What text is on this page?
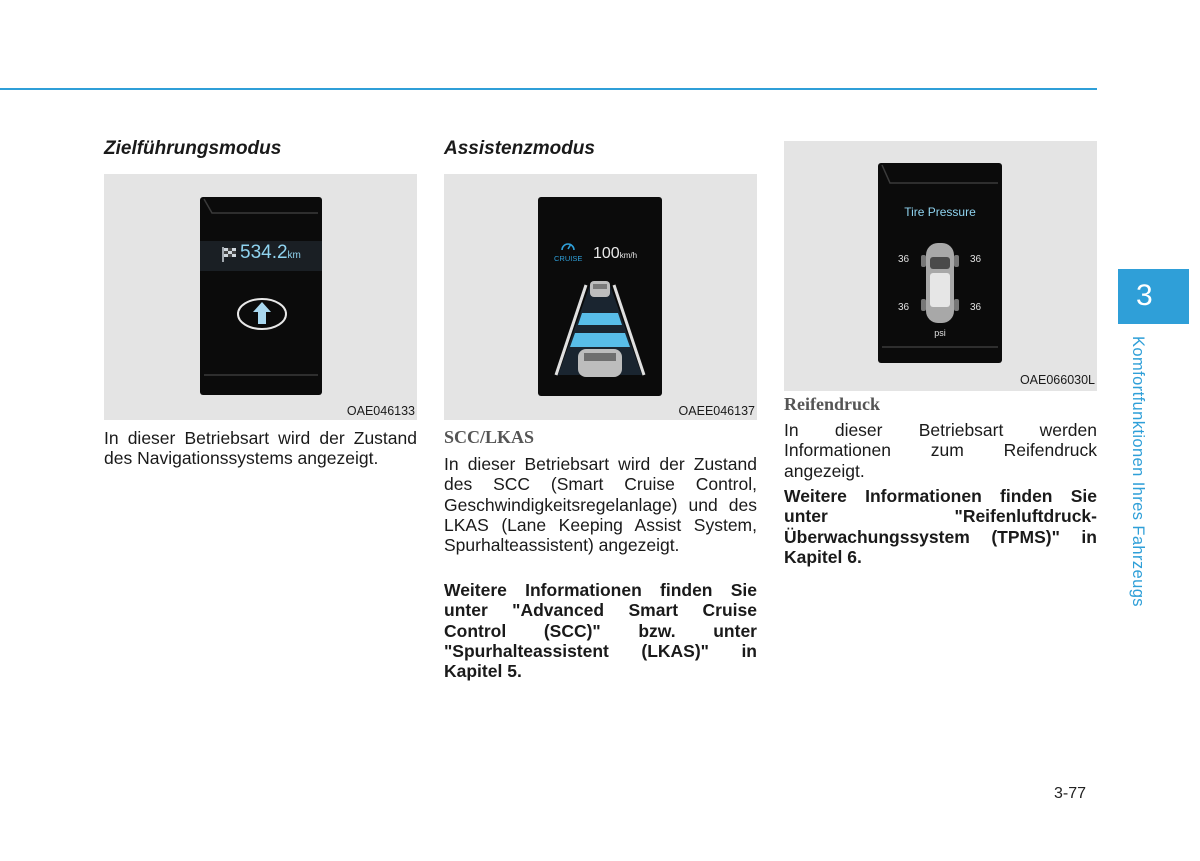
Zielführungsmodus
534.2km
OAE046133

In dieser Betriebsart wird der Zustand des Navigationssystems angezeigt.

Assistenzmodus
CRUISE 100km/h
OAEE046137
SCC/LKAS

In dieser Betriebsart wird der Zustand des SCC (Smart Cruise Control, Geschwindigkeitsregelanlage) und des LKAS (Lane Keeping Assist System, Spurhalteassistent) angezeigt.

Weitere Informationen finden Sie unter "Advanced Smart Cruise Control (SCC)" bzw. unter "Spurhalteassistent (LKAS)" in Kapitel 5.

Tire Pressure
36	36
36	36
psi
OAE066030L
Reifendruck

In dieser Betriebsart werden Informationen zum Reifendruck angezeigt.

Weitere Informationen finden Sie unter "Reifenluftdruck-Überwachungssystem (TPMS)" in Kapitel 6.

3
Komfortfunktionen Ihres Fahrzeugs
3-77
